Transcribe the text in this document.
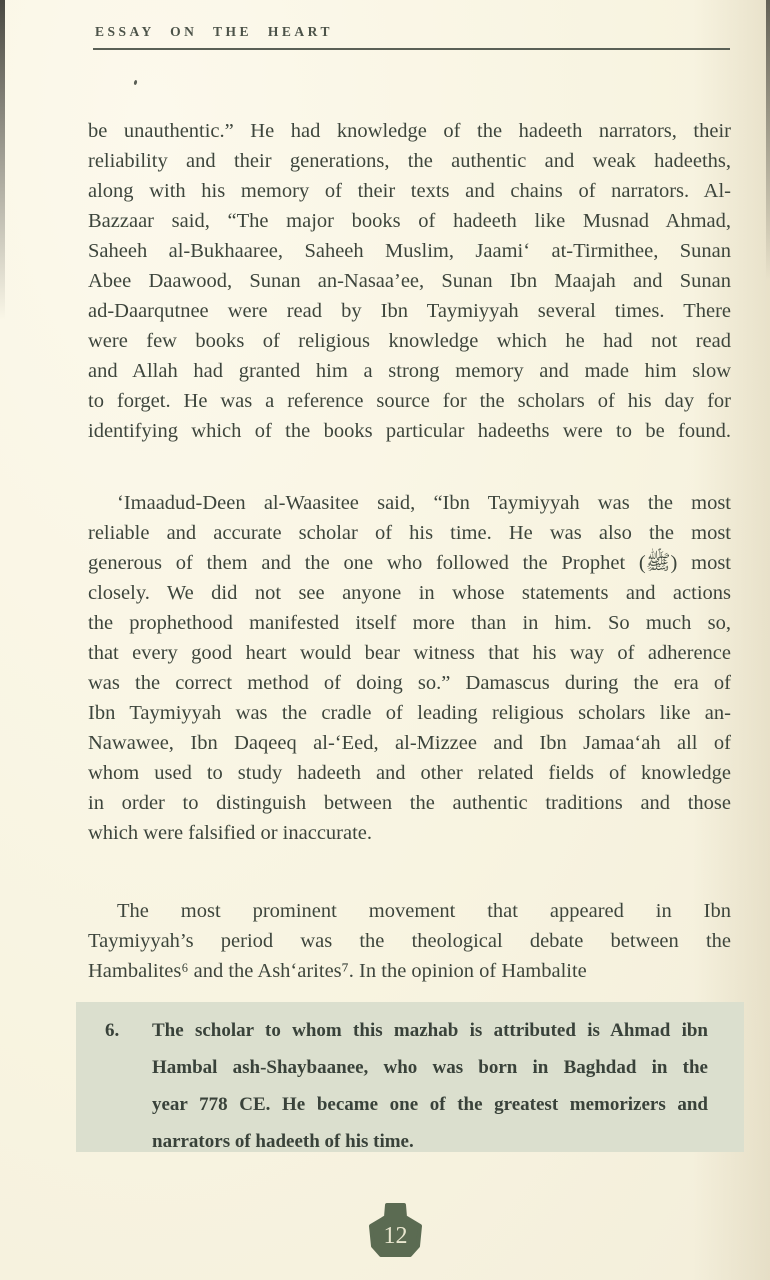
ESSAY ON THE HEART
be unauthentic.” He had knowledge of the hadeeth narrators, their
reliability and their generations, the authentic and weak hadeeths,
along with his memory of their texts and chains of narrators. Al-
Bazzaar said, “The major books of hadeeth like Musnad Ahmad,
Saheeh al-Bukhaaree, Saheeh Muslim, Jaami‘ at-Tirmithee, Sunan
Abee Daawood, Sunan an-Nasaa’ee, Sunan Ibn Maajah and Sunan
ad-Daarqutnee were read by Ibn Taymiyyah several times. There
were few books of religious knowledge which he had not read
and Allah had granted him a strong memory and made him slow
to forget. He was a reference source for the scholars of his day for
identifying which of the books particular hadeeths were to be found.
‘Imaadud-Deen al-Waasitee said, “Ibn Taymiyyah was the most
reliable and accurate scholar of his time. He was also the most
generous of them and the one who followed the Prophet (ﷺ) most
closely. We did not see anyone in whose statements and actions
the prophethood manifested itself more than in him. So much so,
that every good heart would bear witness that his way of adherence
was the correct method of doing so.” Damascus during the era of
Ibn Taymiyyah was the cradle of leading religious scholars like an-
Nawawee, Ibn Daqeeq al-‘Eed, al-Mizzee and Ibn Jamaa‘ah all of
whom used to study hadeeth and other related fields of knowledge
in order to distinguish between the authentic traditions and those
which were falsified or inaccurate.
The most prominent movement that appeared in Ibn
Taymiyyah’s period was the theological debate between the
Hambalites⁶ and the Ash‘arites⁷. In the opinion of Hambalite
6. The scholar to whom this mazhab is attributed is Ahmad ibn
Hambal ash-Shaybaanee, who was born in Baghdad in the
year 778 CE. He became one of the greatest memorizers and
narrators of hadeeth of his time.
12
